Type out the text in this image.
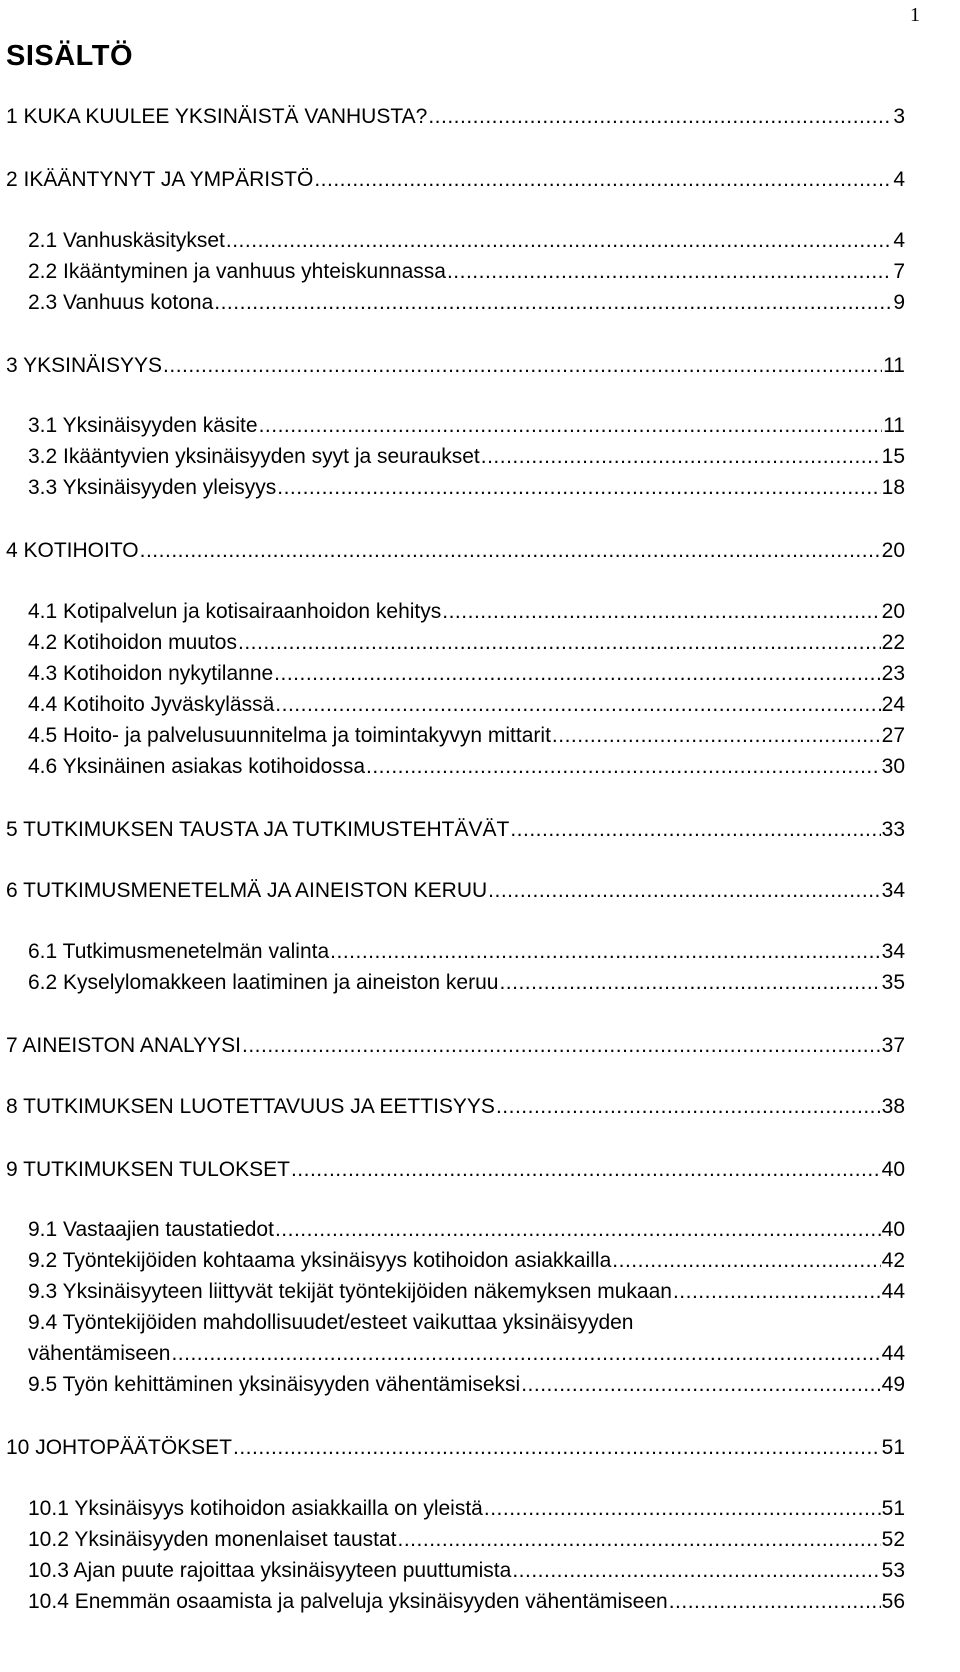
1
SISÄLTÖ
1 KUKA KUULEE YKSINÄISTÄ VANHUSTA? .....	3
2 IKÄÄNTYNYT JA YMPÄRISTÖ .....	4
2.1 Vanhuskäsitykset .....	4
2.2 Ikääntyminen ja vanhuus yhteiskunnassa .....	7
2.3 Vanhuus kotona .....	9
3 YKSINÄISYYS .....	11
3.1 Yksinäisyyden käsite .....	11
3.2 Ikääntyvien yksinäisyyden syyt ja seuraukset .....	15
3.3 Yksinäisyyden yleisyys .....	18
4 KOTIHOITO .....	20
4.1 Kotipalvelun ja kotisairaanhoidon kehitys .....	20
4.2 Kotihoidon muutos .....	22
4.3 Kotihoidon nykytilanne .....	23
4.4 Kotihoito Jyväskylässä .....	24
4.5 Hoito- ja palvelusuunnitelma ja toimintakyvyn mittarit .....	27
4.6 Yksinäinen asiakas kotihoidossa .....	30
5 TUTKIMUKSEN TAUSTA JA TUTKIMUSTEHTÄVÄT .....	33
6 TUTKIMUSMENETELMÄ JA AINEISTON KERUU .....	34
6.1 Tutkimusmenetelmän valinta .....	34
6.2 Kyselylomakkeen laatiminen ja aineiston keruu .....	35
7 AINEISTON ANALYYSI .....	37
8 TUTKIMUKSEN LUOTETTAVUUS JA EETTISYYS .....	38
9 TUTKIMUKSEN TULOKSET .....	40
9.1 Vastaajien taustatiedot .....	40
9.2 Työntekijöiden kohtaama yksinäisyys kotihoidon asiakkailla .....	42
9.3 Yksinäisyyteen liittyvät tekijät työntekijöiden näkemyksen mukaan .....	44
9.4 Työntekijöiden mahdollisuudet/esteet vaikuttaa yksinäisyyden
vähentämiseen .....	44
9.5 Työn kehittäminen yksinäisyyden vähentämiseksi .....	49
10 JOHTOPÄÄTÖKSET .....	51
10.1 Yksinäisyys kotihoidon asiakkailla on yleistä .....	51
10.2 Yksinäisyyden monenlaiset taustat .....	52
10.3 Ajan puute rajoittaa yksinäisyyteen puuttumista .....	53
10.4 Enemmän osaamista ja palveluja yksinäisyyden vähentämiseen .....	56
